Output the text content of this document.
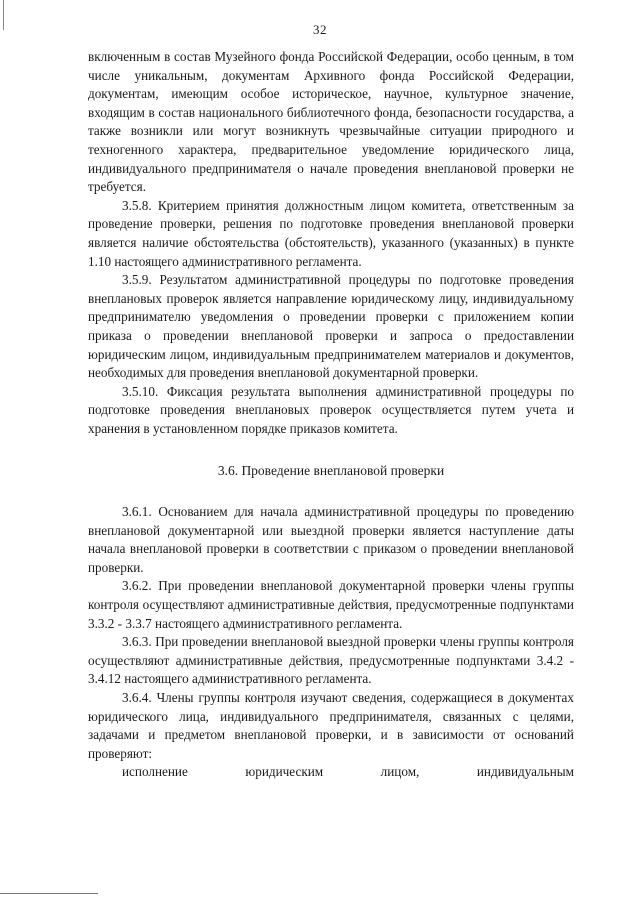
32

включенным в состав Музейного фонда Российской Федерации, особо ценным, в том числе уникальным, документам Архивного фонда Российской Федерации, документам, имеющим особое историческое, научное, культурное значение, входящим в состав национального библиотечного фонда, безопасности государства, а также возникли или могут возникнуть чрезвычайные ситуации природного и техногенного характера, предварительное уведомление юридического лица, индивидуального предпринимателя о начале проведения внеплановой проверки не требуется.

3.5.8. Критерием принятия должностным лицом комитета, ответственным за проведение проверки, решения по подготовке проведения внеплановой проверки является наличие обстоятельства (обстоятельств), указанного (указанных) в пункте 1.10 настоящего административного регламента.

3.5.9. Результатом административной процедуры по подготовке проведения внеплановых проверок является направление юридическому лицу, индивидуальному предпринимателю уведомления о проведении проверки с приложением копии приказа о проведении внеплановой проверки и запроса о предоставлении юридическим лицом, индивидуальным предпринимателем материалов и документов, необходимых для проведения внеплановой документарной проверки.

3.5.10. Фиксация результата выполнения административной процедуры по подготовке проведения внеплановых проверок осуществляется путем учета и хранения в установленном порядке приказов комитета.

3.6. Проведение внеплановой проверки

3.6.1. Основанием для начала административной процедуры по проведению внеплановой документарной или выездной проверки является наступление даты начала внеплановой проверки в соответствии с приказом о проведении внеплановой проверки.

3.6.2. При проведении внеплановой документарной проверки члены группы контроля осуществляют административные действия, предусмотренные подпунктами 3.3.2 - 3.3.7 настоящего административного регламента.

3.6.3. При проведении внеплановой выездной проверки члены группы контроля осуществляют административные действия, предусмотренные подпунктами 3.4.2 - 3.4.12 настоящего административного регламента.

3.6.4. Члены группы контроля изучают сведения, содержащиеся в документах юридического лица, индивидуального предпринимателя, связанных с целями, задачами и предметом внеплановой проверки, и в зависимости от оснований проверяют:

исполнение юридическим лицом, индивидуальным
